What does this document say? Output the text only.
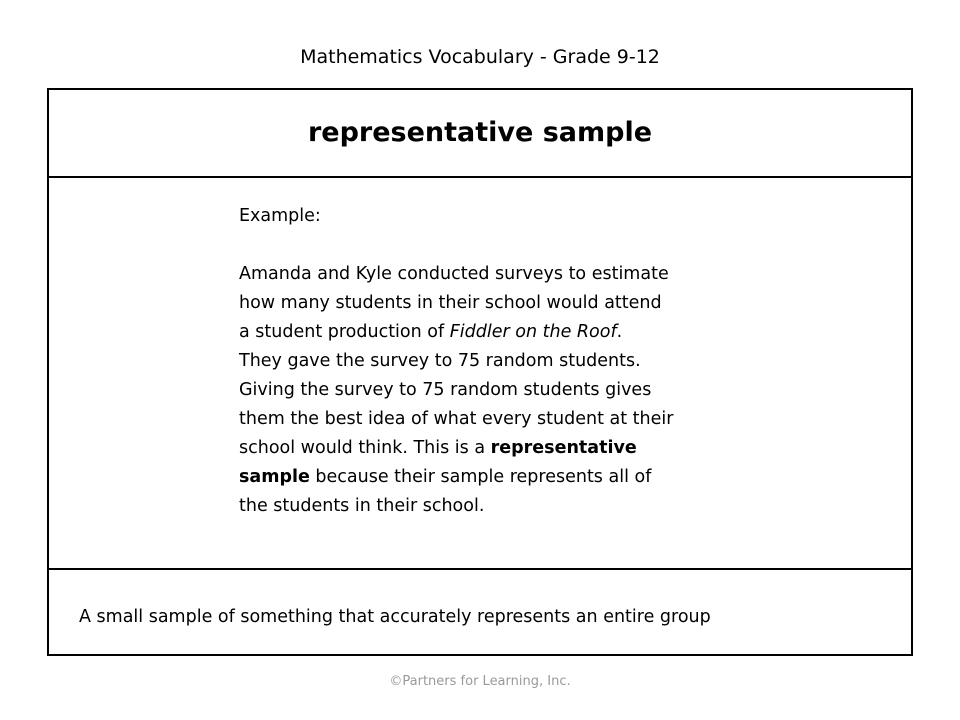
Mathematics Vocabulary - Grade 9-12
representative sample
Example:
Amanda and Kyle conducted surveys to estimate
how many students in their school would attend
a student production of Fiddler on the Roof.
They gave the survey to 75 random students.
Giving the survey to 75 random students gives
them the best idea of what every student at their
school would think. This is a representative
sample because their sample represents all of
the students in their school.
A small sample of something that accurately represents an entire group
©Partners for Learning, Inc.
